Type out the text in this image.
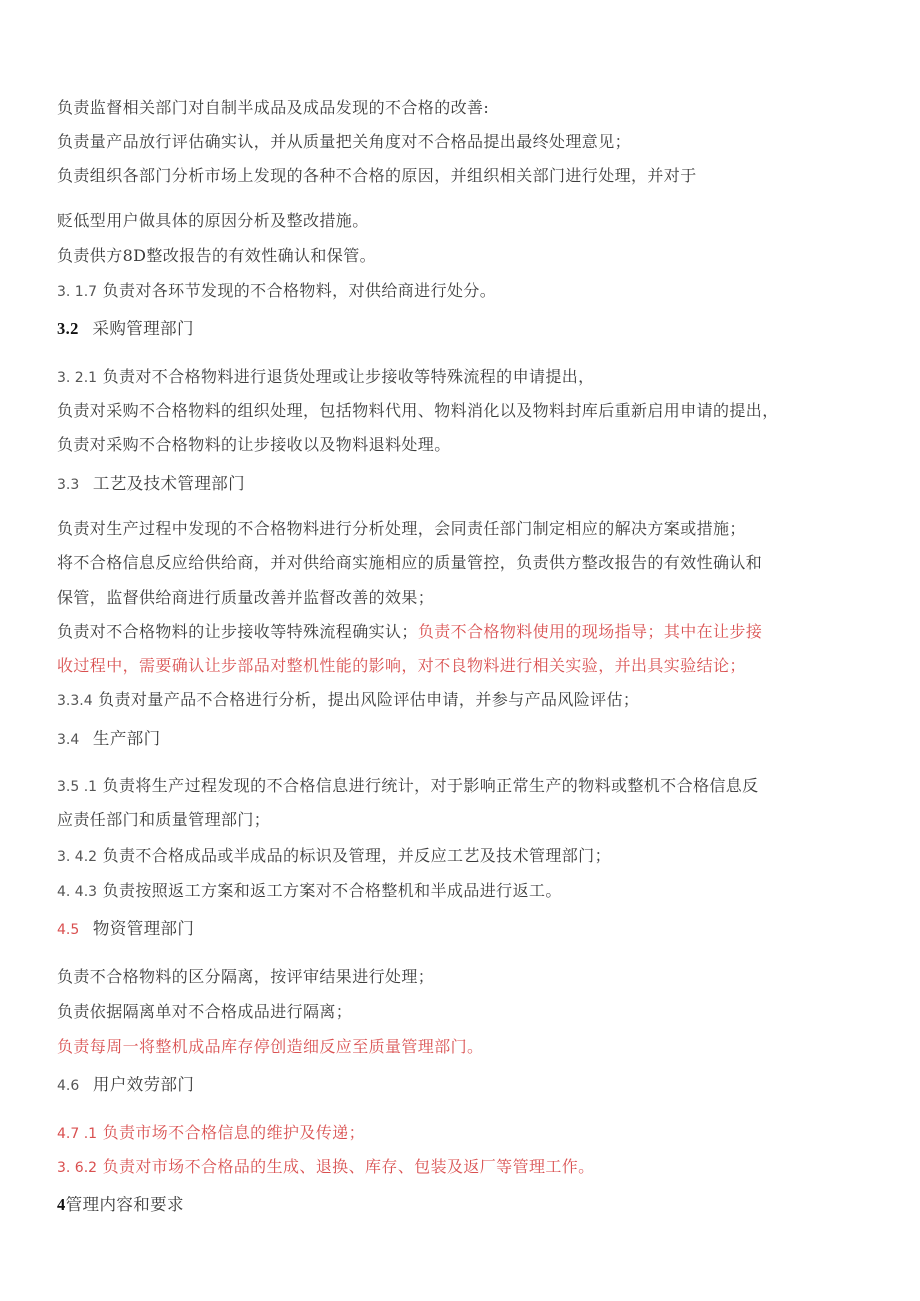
负责监督相关部门对自制半成品及成品发现的不合格的改善:
负责量产品放行评估确实认，并从质量把关角度对不合格品提出最终处理意见；
负责组织各部门分析市场上发现的各种不合格的原因，并组织相关部门进行处理，并对于
贬低型用户做具体的原因分析及整改措施。
负责供方8D整改报告的有效性确认和保管。
3. 1.7 负责对各环节发现的不合格物料，对供给商进行处分。
3.2 采购管理部门
3. 2.1 负责对不合格物料进行退货处理或让步接收等特殊流程的申请提出，
负责对采购不合格物料的组织处理，包括物料代用、物料消化以及物料封库后重新启用申请的提出，
负责对采购不合格物料的让步接收以及物料退料处理。
3.3 工艺及技术管理部门
负责对生产过程中发现的不合格物料进行分析处理，会同责任部门制定相应的解决方案或措施；
将不合格信息反应给供给商，并对供给商实施相应的质量管控，负责供方整改报告的有效性确认和
保管，监督供给商进行质量改善并监督改善的效果；
负责对不合格物料的让步接收等特殊流程确实认；负责不合格物料使用的现场指导；其中在让步接
收过程中，需要确认让步部品对整机性能的影响，对不良物料进行相关实验，并出具实验结论；
3.3.4 负责对量产品不合格进行分析，提出风险评估申请，并参与产品风险评估；
3.4 生产部门
3.5 .1 负责将生产过程发现的不合格信息进行统计，对于影响正常生产的物料或整机不合格信息反
应责任部门和质量管理部门；
3. 4.2 负责不合格成品或半成品的标识及管理，并反应工艺及技术管理部门；
4. 4.3 负责按照返工方案和返工方案对不合格整机和半成品进行返工。
4.5 物资管理部门
负责不合格物料的区分隔离，按评审结果进行处理；
负责依据隔离单对不合格成品进行隔离；
负责每周一将整机成品库存停创造细反应至质量管理部门。
4.6 用户效劳部门
4.7 .1 负责市场不合格信息的维护及传递；
3. 6.2 负责对市场不合格品的生成、退换、库存、包装及返厂等管理工作。
4管理内容和要求
